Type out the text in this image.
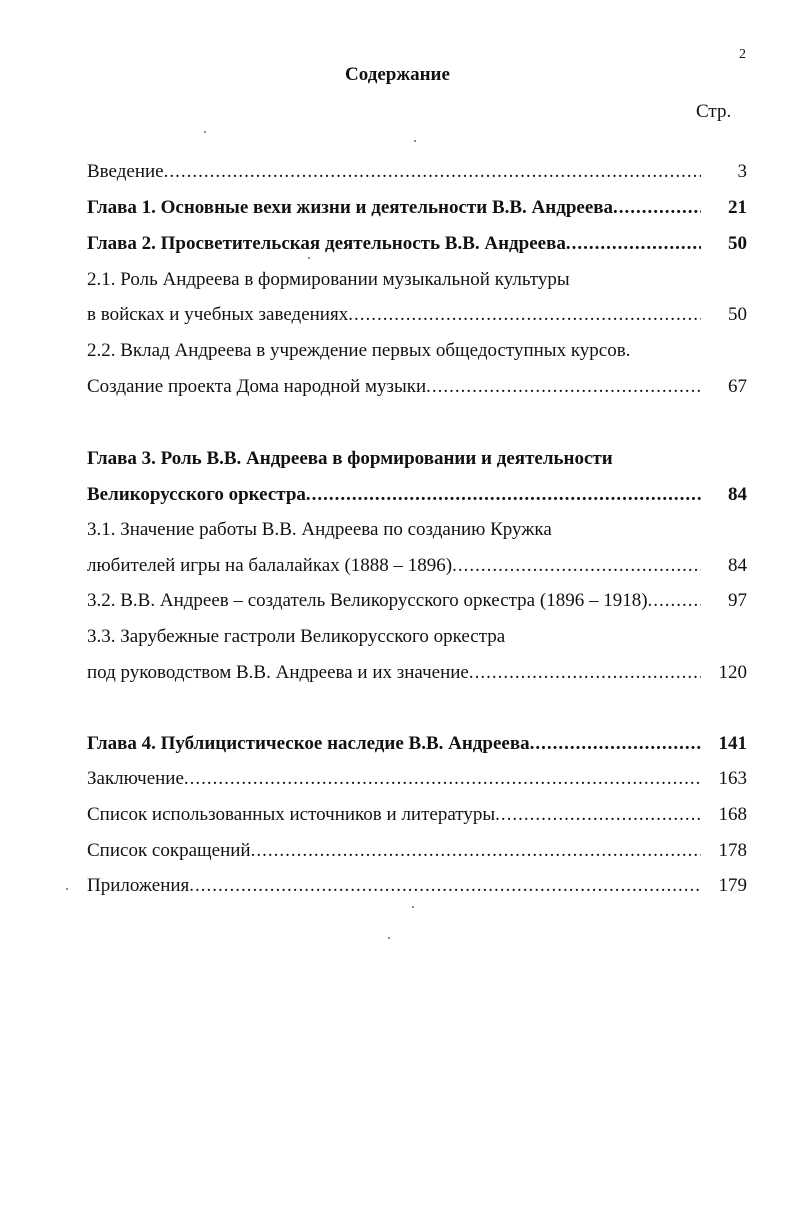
2
Содержание
Стр.
Введение .....	3
Глава 1. Основные вехи жизни и деятельности В.В. Андреева .....	21
Глава 2. Просветительская деятельность В.В. Андреева .....	50
2.1. Роль Андреева в формировании музыкальной культуры
в войсках и учебных заведениях .....	50
2.2. Вклад Андреева в учреждение первых общедоступных курсов.
Создание проекта Дома народной музыки .....	67
Глава 3. Роль В.В. Андреева в формировании и деятельности
Великорусского оркестра .....	84
3.1. Значение работы В.В. Андреева по созданию Кружка
любителей игры на балалайках (1888 – 1896) .....	84
3.2. В.В. Андреев – создатель Великорусского оркестра (1896 – 1918) .....	97
3.3. Зарубежные гастроли Великорусского оркестра
под руководством В.В. Андреева и их значение .....	120
Глава 4. Публицистическое наследие В.В. Андреева .....	141
Заключение .....	163
Список использованных источников и литературы .....	168
Список сокращений .....	178
Приложения .....	179
